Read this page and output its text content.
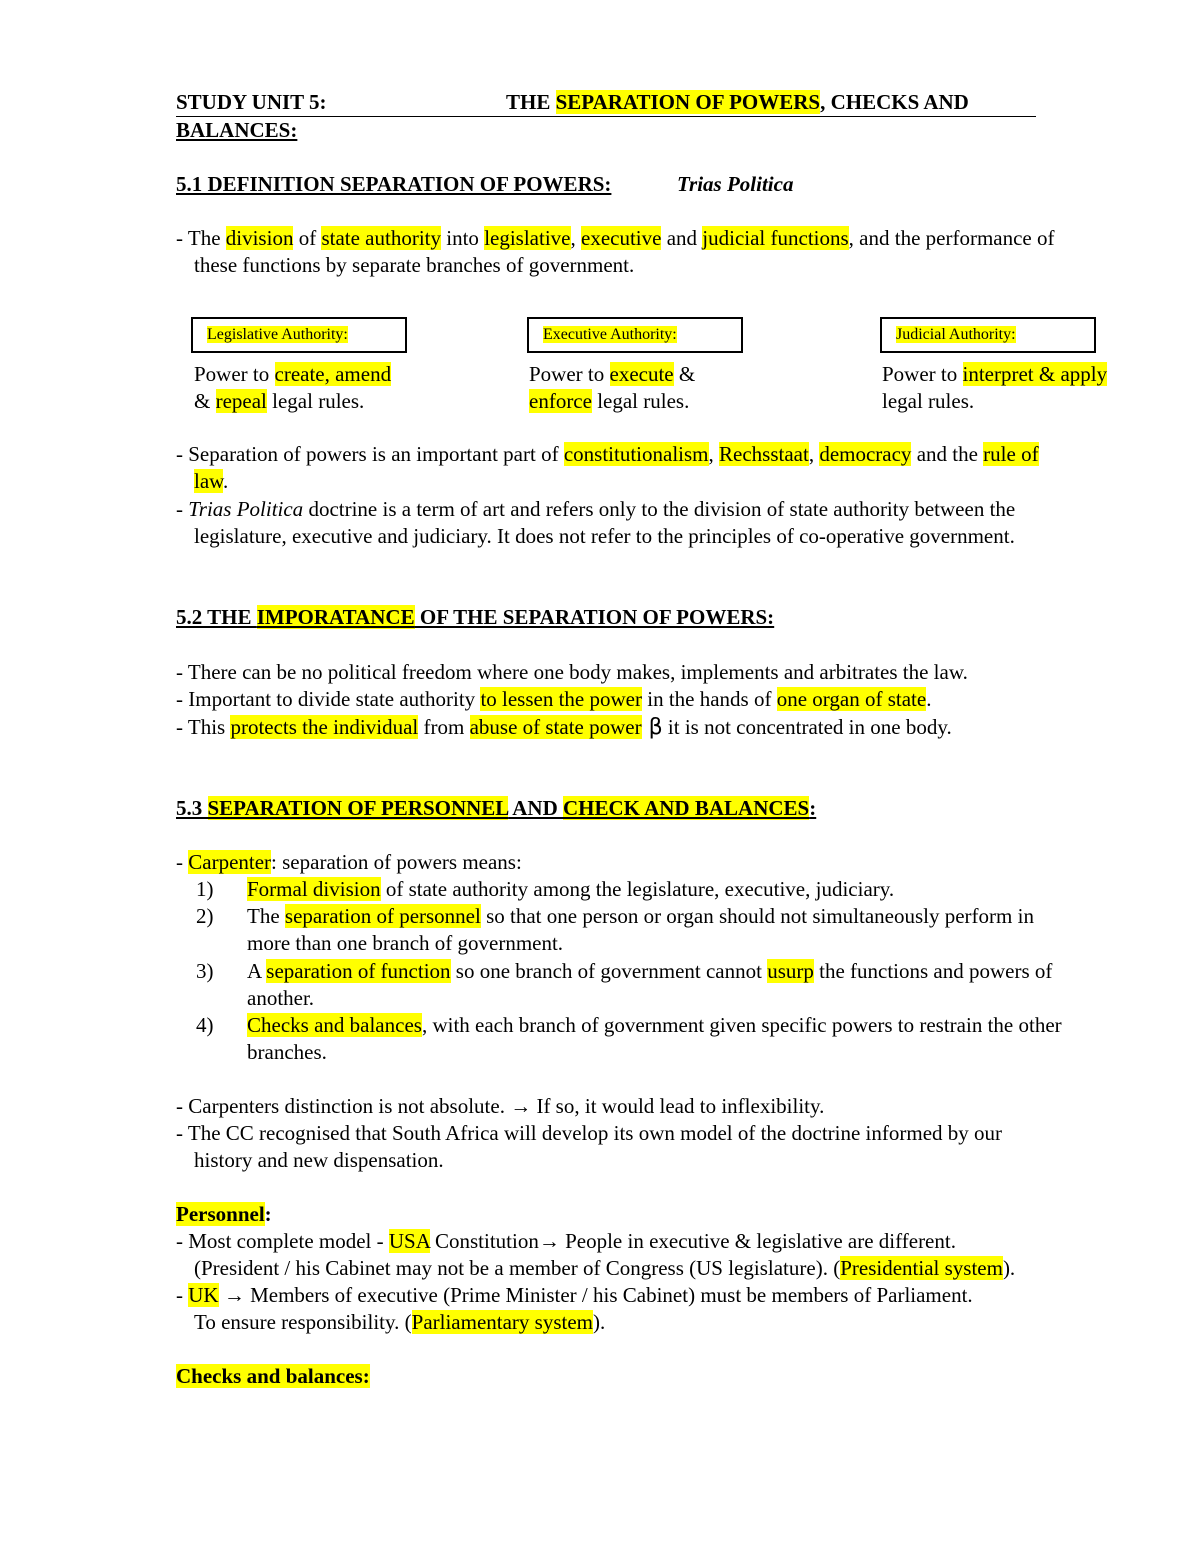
STUDY UNIT 5:	THE SEPARATION OF POWERS, CHECKS AND
BALANCES:
5.1 DEFINITION SEPARATION OF POWERS:	Trias Politica
- The division of state authority into legislative, executive and judicial functions, and the performance of
these functions by separate branches of government.
Legislative Authority:	Executive Authority:	Judicial Authority:
Power to create, amend
& repeal legal rules.
Power to execute &
enforce legal rules.
Power to interpret & apply
legal rules.
- Separation of powers is an important part of constitutionalism, Rechsstaat, democracy and the rule of
law.
- Trias Politica doctrine is a term of art and refers only to the division of state authority between the
legislature, executive and judiciary. It does not refer to the principles of co-operative government.
5.2 THE IMPORATANCE OF THE SEPARATION OF POWERS:
- There can be no political freedom where one body makes, implements and arbitrates the law.
- Important to divide state authority to lessen the power in the hands of one organ of state.
- This protects the individual from abuse of state power β it is not concentrated in one body.
5.3 SEPARATION OF PERSONNEL AND CHECK AND BALANCES:
- Carpenter: separation of powers means:
1) Formal division of state authority among the legislature, executive, judiciary.
2) The separation of personnel so that one person or organ should not simultaneously perform in
more than one branch of government.
3) A separation of function so one branch of government cannot usurp the functions and powers of
another.
4) Checks and balances, with each branch of government given specific powers to restrain the other
branches.
- Carpenters distinction is not absolute. → If so, it would lead to inflexibility.
- The CC recognised that South Africa will develop its own model of the doctrine informed by our
history and new dispensation.
Personnel:
- Most complete model - USA Constitution→ People in executive & legislative are different.
(President / his Cabinet may not be a member of Congress (US legislature). (Presidential system).
- UK → Members of executive (Prime Minister / his Cabinet) must be members of Parliament.
To ensure responsibility. (Parliamentary system).
Checks and balances:
